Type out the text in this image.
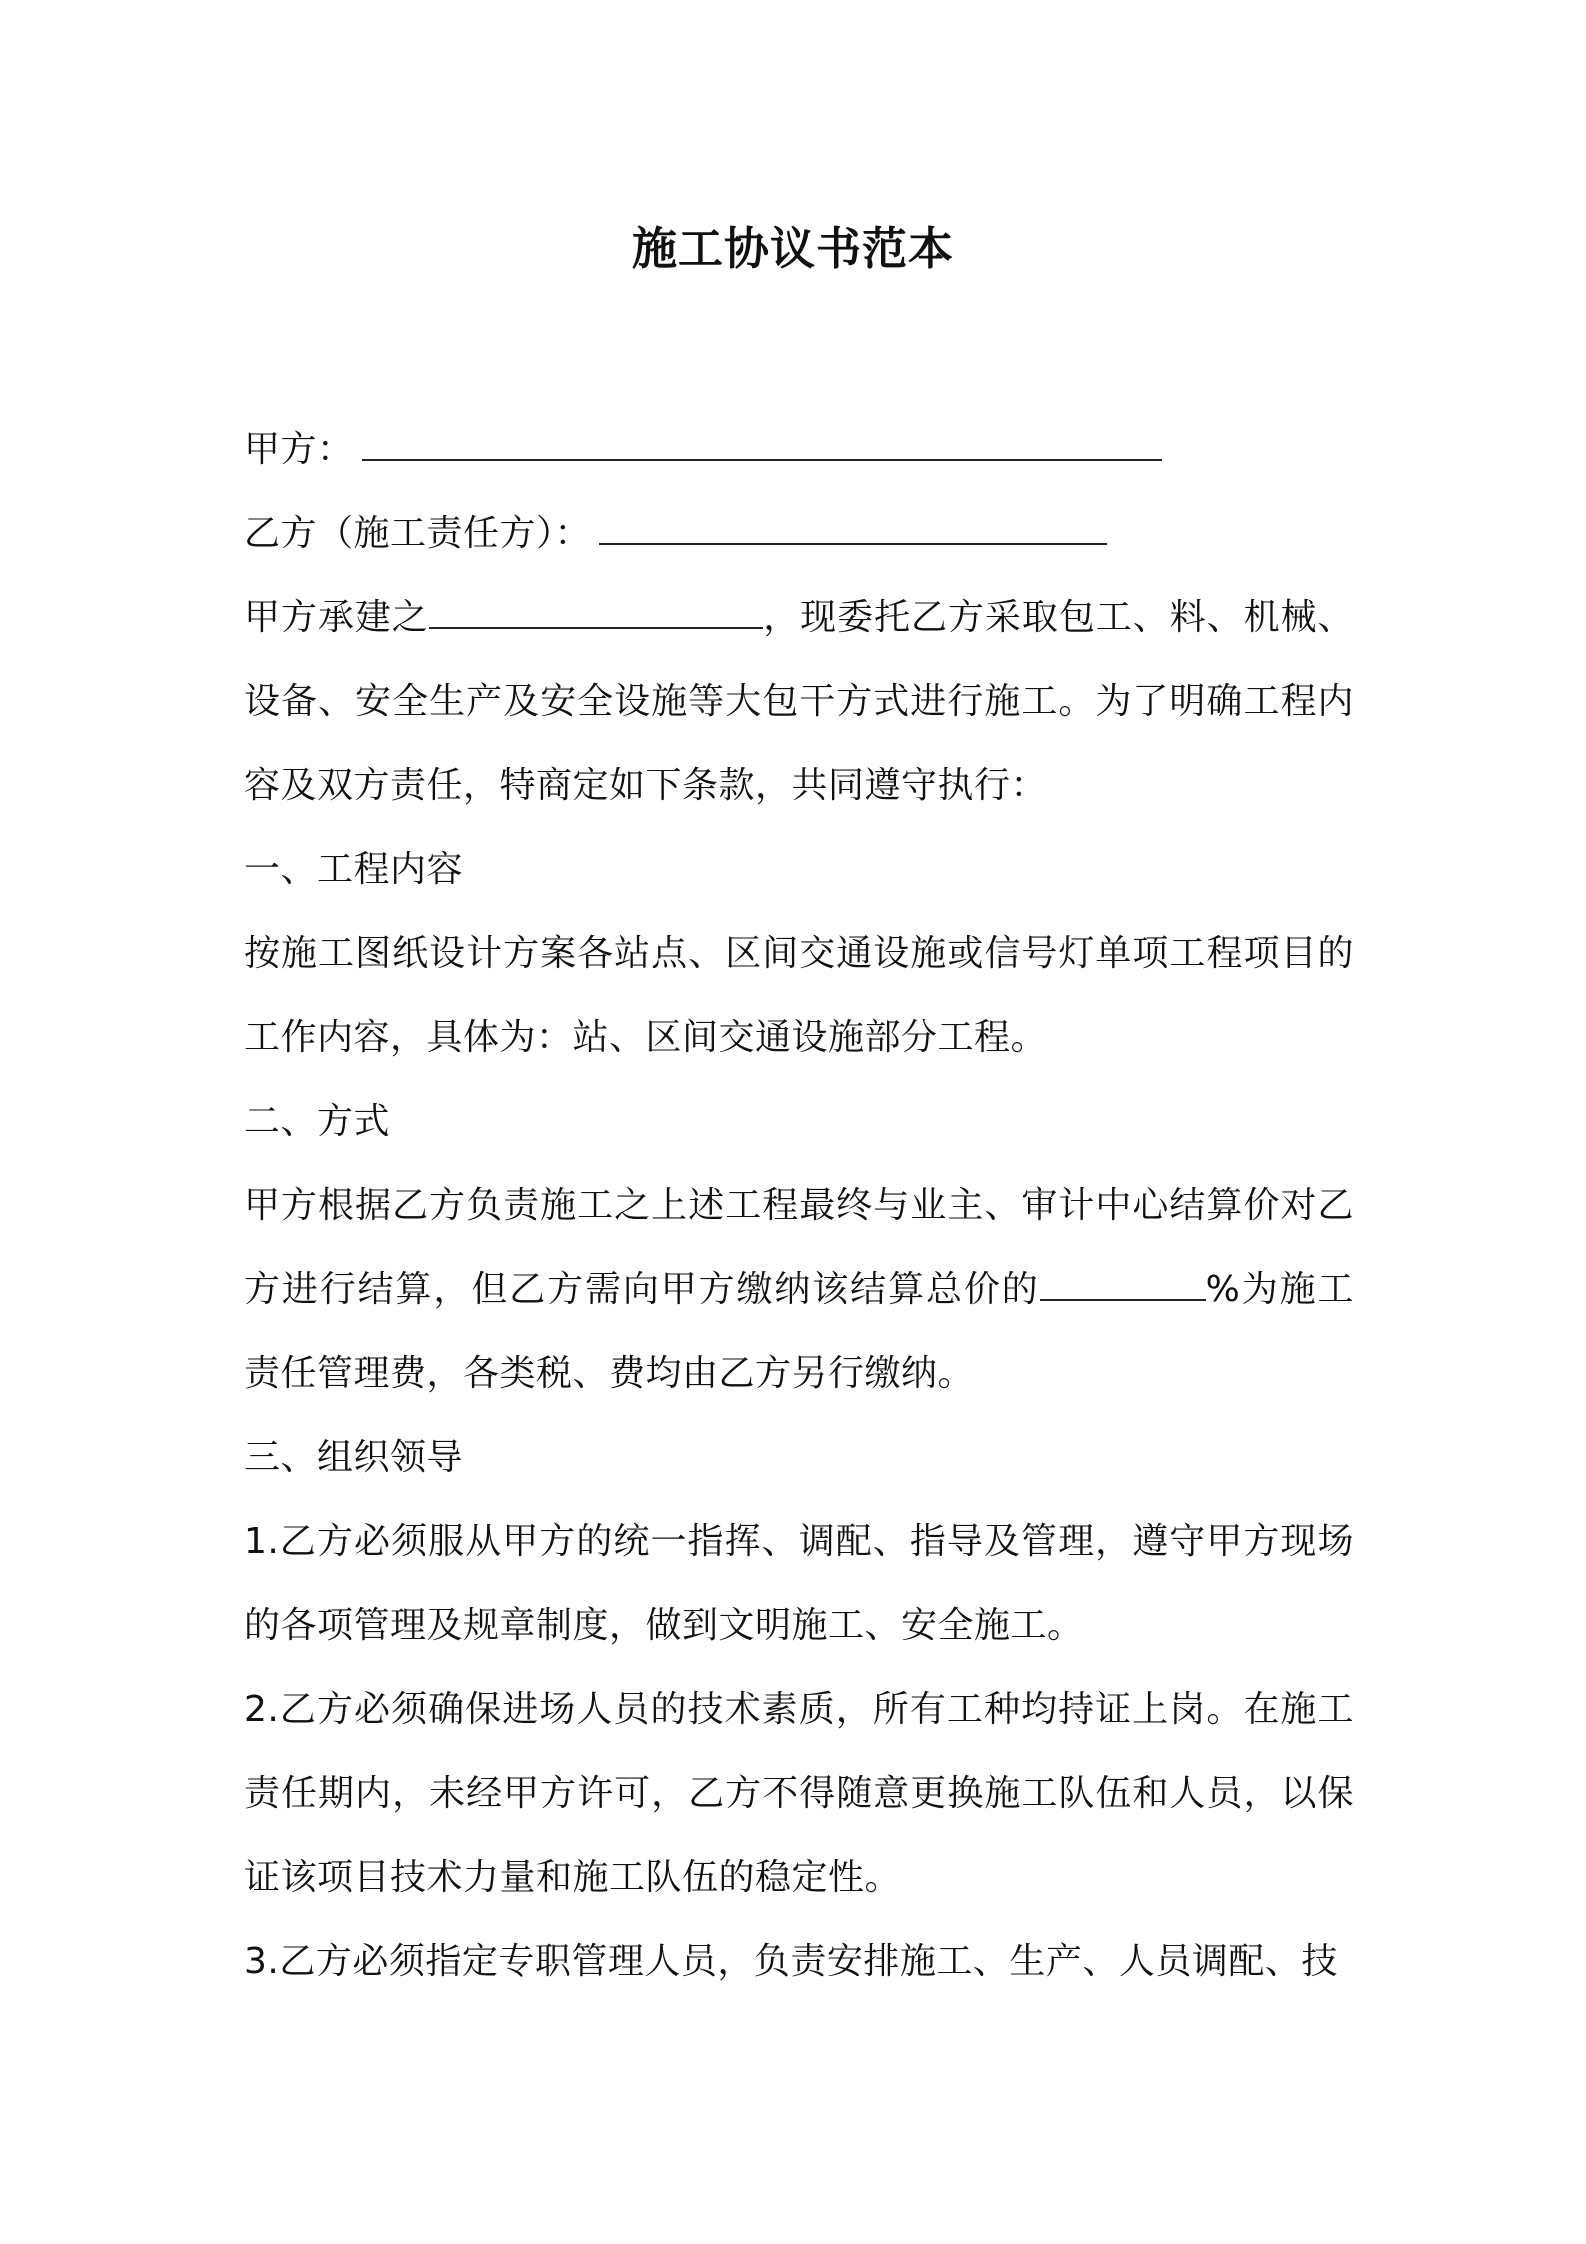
施工协议书范本

甲方：

乙方（施工责任方）：

甲方承建之	，现委托乙方采取包工、料、机械、设备、安全生产及安全设施等大包干方式进行施工。为了明确工程内容及双方责任，特商定如下条款，共同遵守执行：

一、工程内容

按施工图纸设计方案各站点、区间交通设施或信号灯单项工程项目的工作内容，具体为：站、区间交通设施部分工程。

二、方式

甲方根据乙方负责施工之上述工程最终与业主、审计中心结算价对乙方进行结算，但乙方需向甲方缴纳该结算总价的	%为施工责任管理费，各类税、费均由乙方另行缴纳。

三、组织领导

1.乙方必须服从甲方的统一指挥、调配、指导及管理，遵守甲方现场的各项管理及规章制度，做到文明施工、安全施工。

2.乙方必须确保进场人员的技术素质，所有工种均持证上岗。在施工责任期内，未经甲方许可，乙方不得随意更换施工队伍和人员，以保证该项目技术力量和施工队伍的稳定性。

3.乙方必须指定专职管理人员，负责安排施工、生产、人员调配、技
